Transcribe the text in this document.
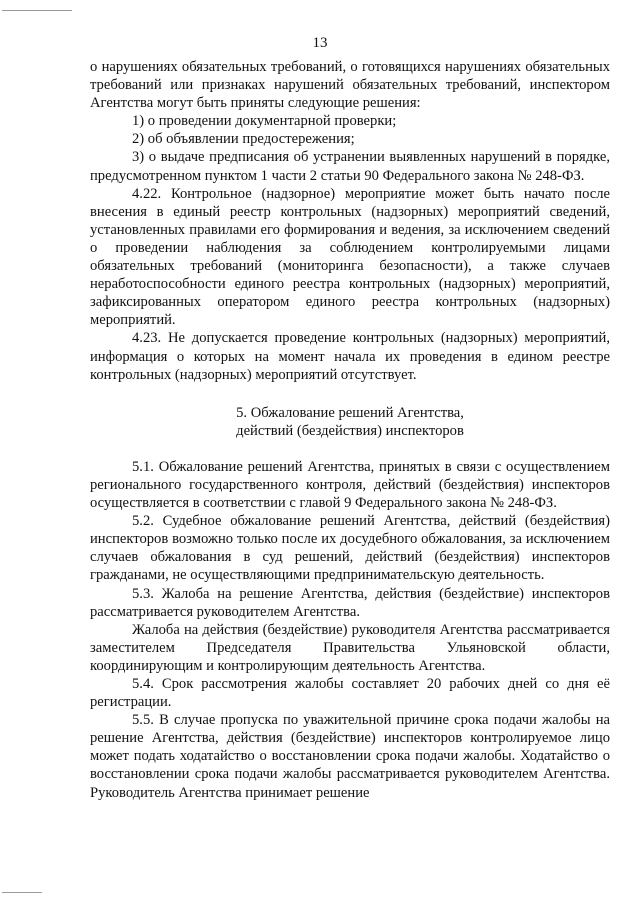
13

о нарушениях обязательных требований, о готовящихся нарушениях обязательных требований или признаках нарушений обязательных требований, инспектором Агентства могут быть приняты следующие решения:

1) о проведении документарной проверки;

2) об объявлении предостережения;

3) о выдаче предписания об устранении выявленных нарушений в порядке, предусмотренном пунктом 1 части 2 статьи 90 Федерального закона № 248-ФЗ.

4.22. Контрольное (надзорное) мероприятие может быть начато после внесения в единый реестр контрольных (надзорных) мероприятий сведений, установленных правилами его формирования и ведения, за исключением сведений о проведении наблюдения за соблюдением контролируемыми лицами обязательных требований (мониторинга безопасности), а также случаев неработоспособности единого реестра контрольных (надзорных) мероприятий, зафиксированных оператором единого реестра контрольных (надзорных) мероприятий.

4.23. Не допускается проведение контрольных (надзорных) мероприятий, информация о которых на момент начала их проведения в едином реестре контрольных (надзорных) мероприятий отсутствует.

5. Обжалование решений Агентства,
действий (бездействия) инспекторов

5.1. Обжалование решений Агентства, принятых в связи с осуществлением регионального государственного контроля, действий (бездействия) инспекторов осуществляется в соответствии с главой 9 Федерального закона № 248-ФЗ.

5.2. Судебное обжалование решений Агентства, действий (бездействия) инспекторов возможно только после их досудебного обжалования, за исключением случаев обжалования в суд решений, действий (бездействия) инспекторов гражданами, не осуществляющими предпринимательскую деятельность.

5.3. Жалоба на решение Агентства, действия (бездействие) инспекторов рассматривается руководителем Агентства.

Жалоба на действия (бездействие) руководителя Агентства рассматривается заместителем Председателя Правительства Ульяновской области, координирующим и контролирующим деятельность Агентства.

5.4. Срок рассмотрения жалобы составляет 20 рабочих дней со дня её регистрации.

5.5. В случае пропуска по уважительной причине срока подачи жалобы на решение Агентства, действия (бездействие) инспекторов контролируемое лицо может подать ходатайство о восстановлении срока подачи жалобы. Ходатайство о восстановлении срока подачи жалобы рассматривается руководителем Агентства. Руководитель Агентства принимает решение
